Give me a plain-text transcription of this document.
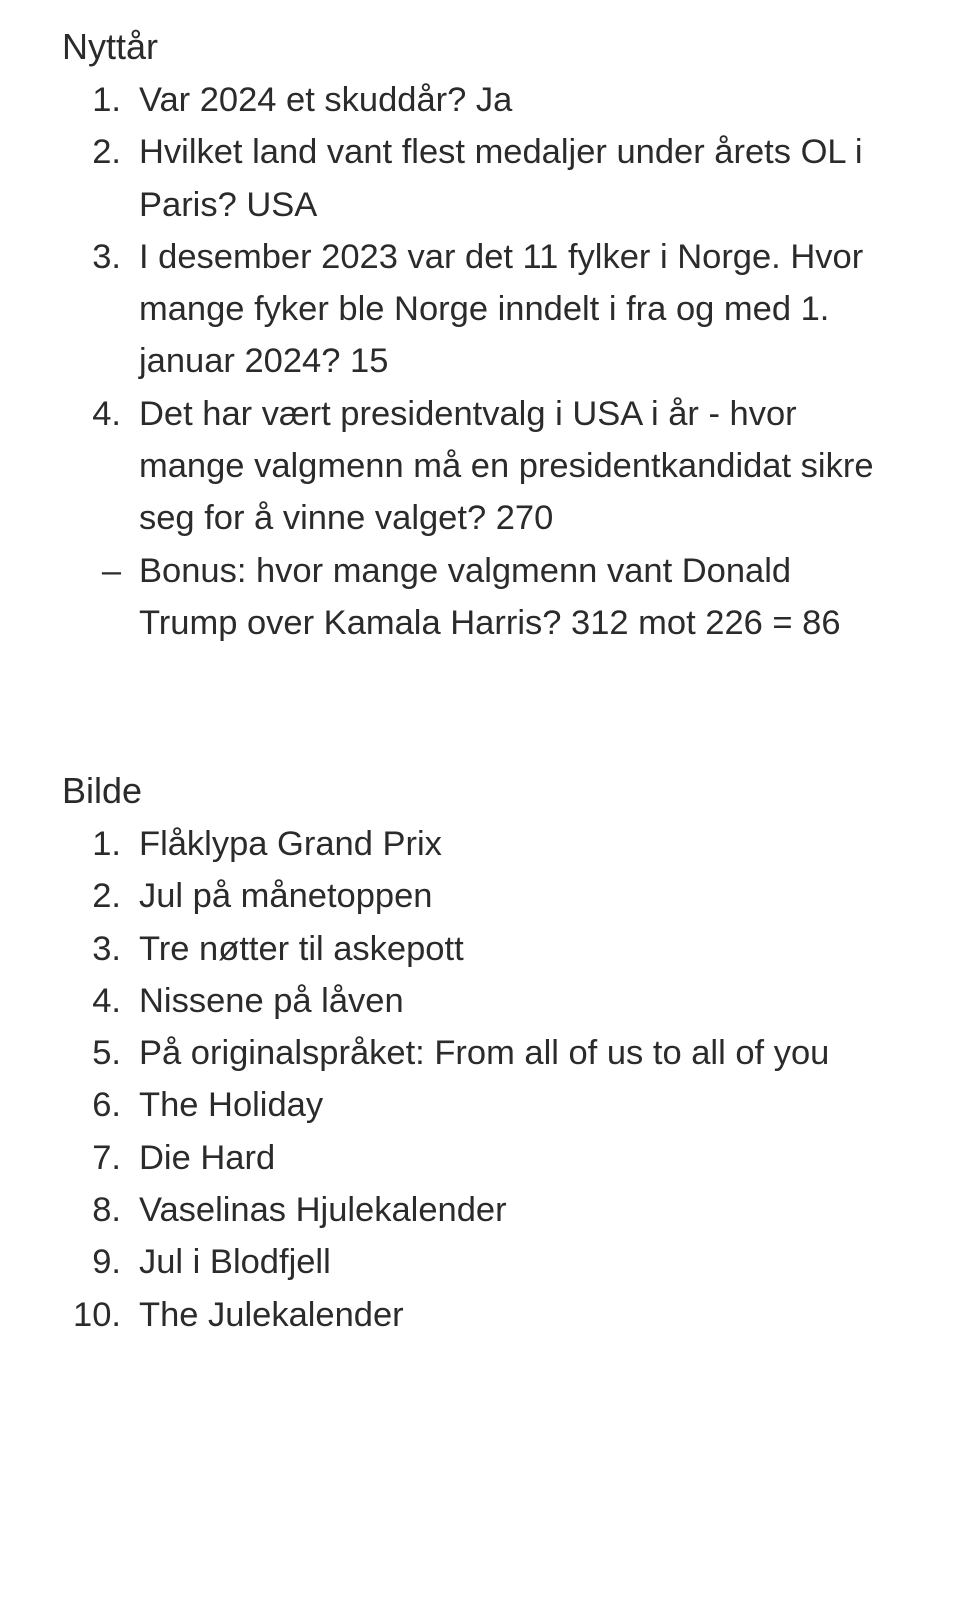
Nyttår
1. Var 2024 et skuddår? Ja
2. Hvilket land vant flest medaljer under årets OL i Paris? USA
3. I desember 2023 var det 11 fylker i Norge. Hvor mange fyker ble Norge inndelt i fra og med 1. januar 2024? 15
4. Det har vært presidentvalg i USA i år - hvor mange valgmenn må en presidentkandidat sikre seg for å vinne valget? 270
– Bonus: hvor mange valgmenn vant Donald Trump over Kamala Harris? 312 mot 226 = 86
Bilde
1. Flåklypa Grand Prix
2. Jul på månetoppen
3. Tre nøtter til askepott
4. Nissene på låven
5. På originalspråket: From all of us to all of you
6. The Holiday
7. Die Hard
8. Vaselinas Hjulekalender
9. Jul i Blodfjell
10. The Julekalender
